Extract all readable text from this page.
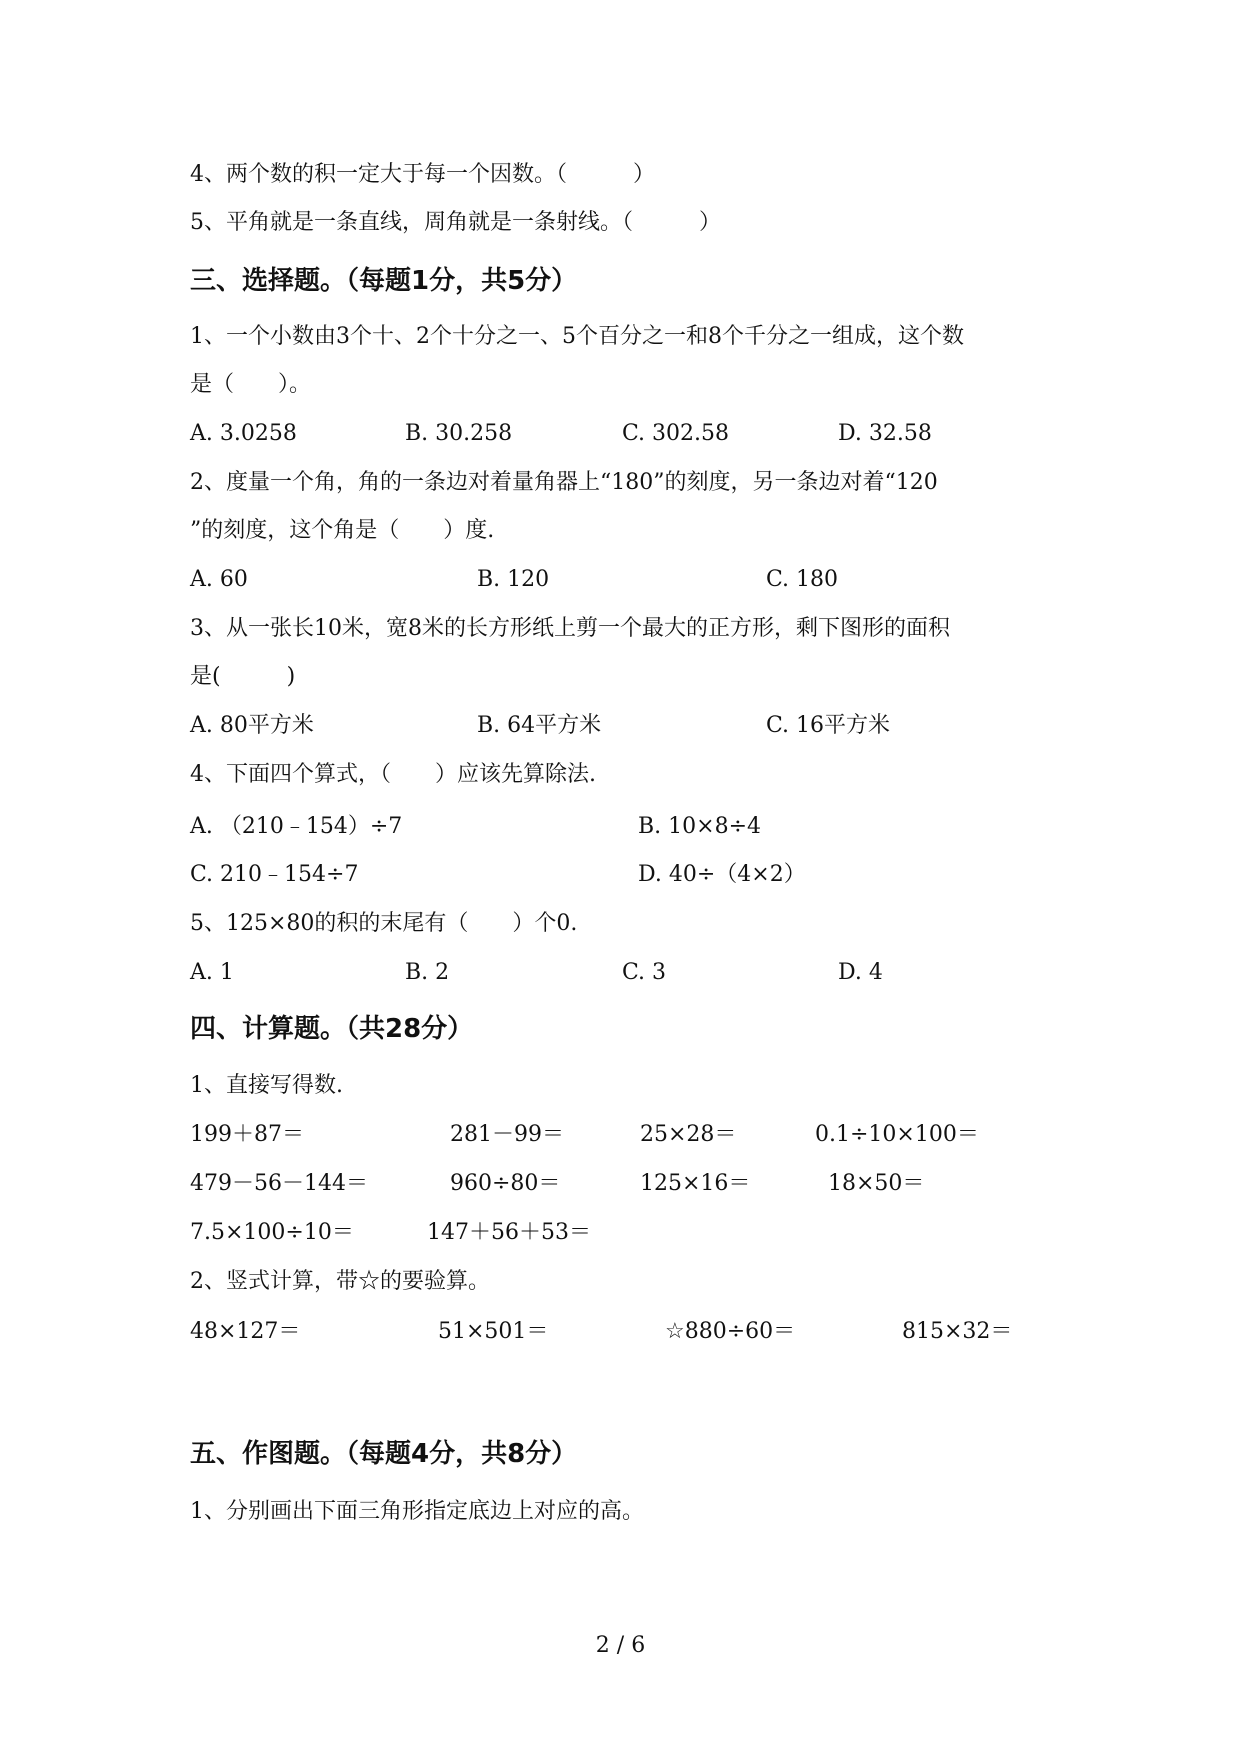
4、两个数的积一定大于每一个因数。（　　　）
5、平角就是一条直线，周角就是一条射线。（　　　）
三、选择题。（每题1分，共5分）
1、一个小数由3个十、2个十分之一、5个百分之一和8个千分之一组成，这个数
是（　　）。
A. 3.0258	B. 30.258	C. 302.58	D. 32.58
2、度量一个角，角的一条边对着量角器上“180”的刻度，另一条边对着“120
”的刻度，这个角是（　　）度.
A. 60	B. 120	C. 180
3、从一张长10米，宽8米的长方形纸上剪一个最大的正方形，剩下图形的面积
是(　　　)
A. 80平方米	B. 64平方米	C. 16平方米
4、下面四个算式，（　　）应该先算除法.
A. （210﹣154）÷7	B. 10×8÷4
C. 210﹣154÷7	D. 40÷（4×2）
5、125×80的积的末尾有（　　）个0.
A. 1	B. 2	C. 3	D. 4
四、计算题。（共28分）
1、直接写得数.
199＋87＝	281－99＝	25×28＝	0.1÷10×100＝
479－56－144＝	960÷80＝	125×16＝	18×50＝
7.5×100÷10＝	147＋56＋53＝
2、竖式计算，带☆的要验算。
48×127＝	51×501＝	☆880÷60＝	815×32＝
五、作图题。（每题4分，共8分）
1、分别画出下面三角形指定底边上对应的高。
2 / 6
